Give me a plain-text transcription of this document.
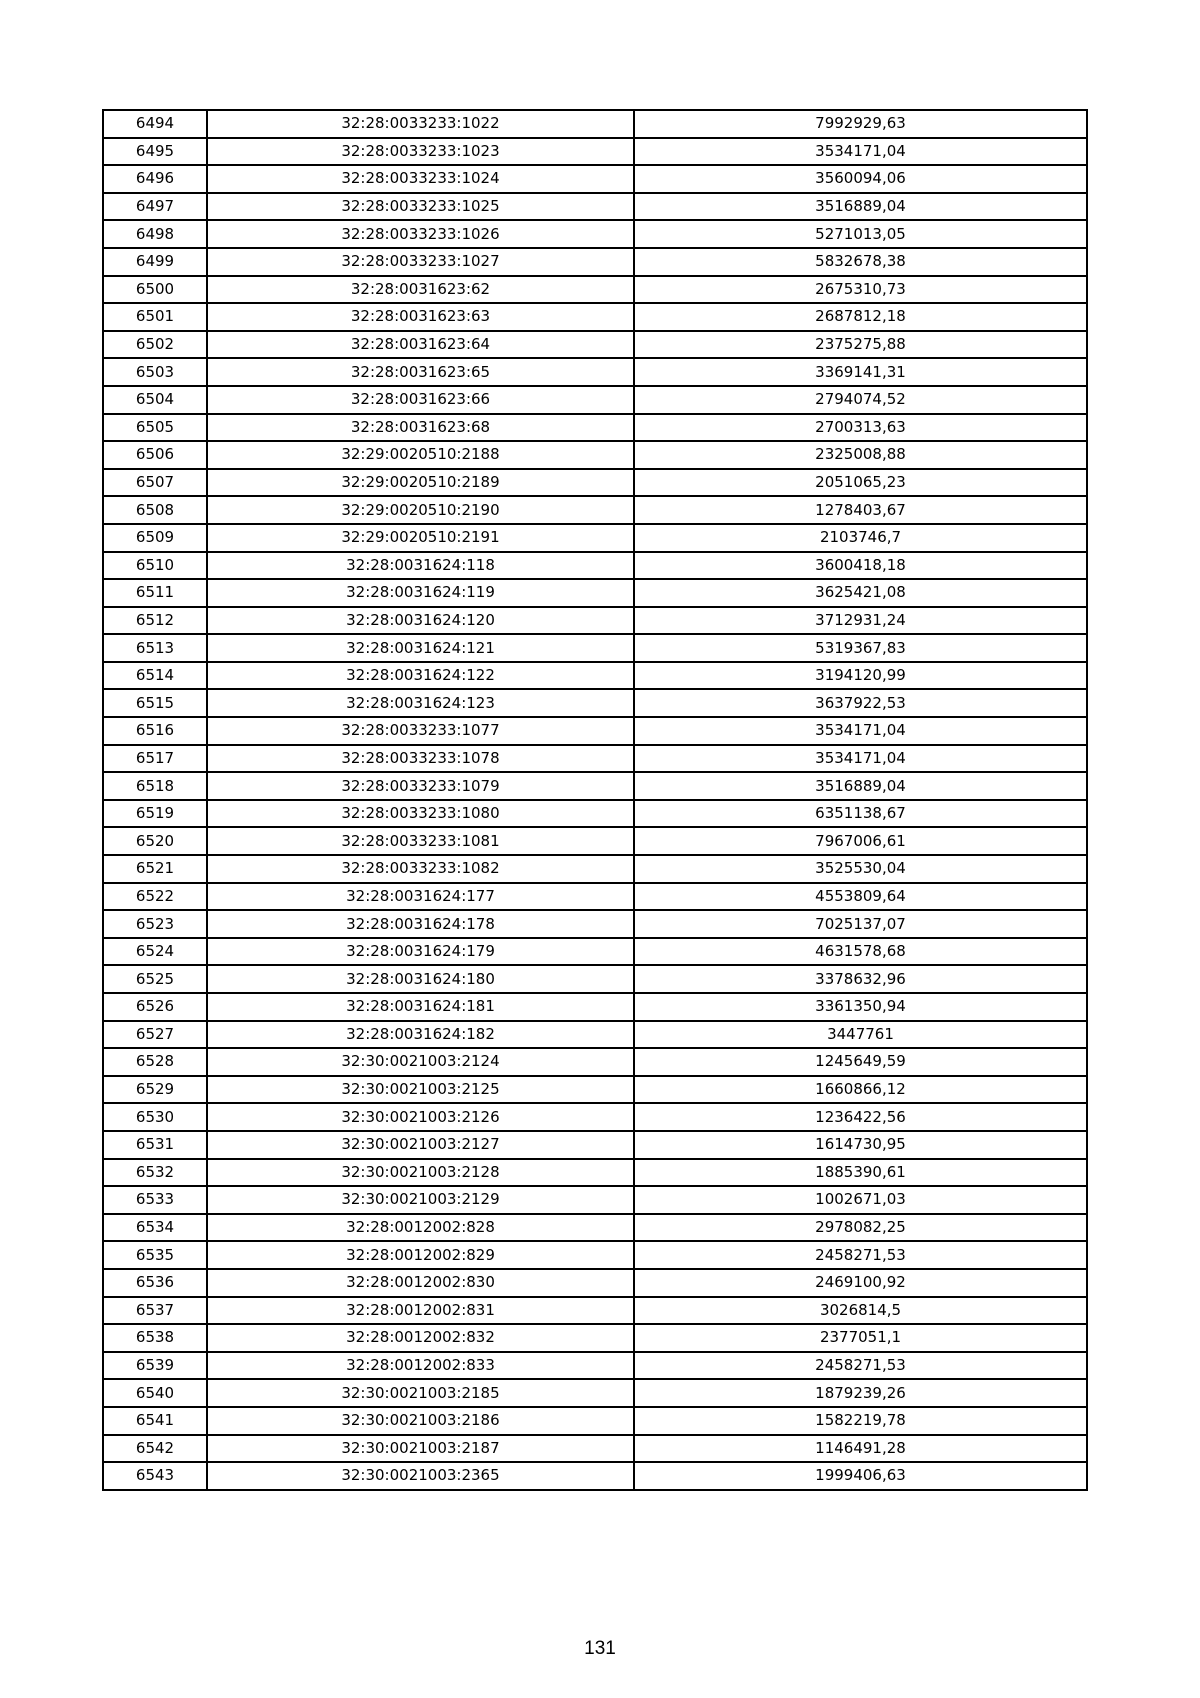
6494	32:28:0033233:1022	7992929,63
6495	32:28:0033233:1023	3534171,04
6496	32:28:0033233:1024	3560094,06
6497	32:28:0033233:1025	3516889,04
6498	32:28:0033233:1026	5271013,05
6499	32:28:0033233:1027	5832678,38
6500	32:28:0031623:62	2675310,73
6501	32:28:0031623:63	2687812,18
6502	32:28:0031623:64	2375275,88
6503	32:28:0031623:65	3369141,31
6504	32:28:0031623:66	2794074,52
6505	32:28:0031623:68	2700313,63
6506	32:29:0020510:2188	2325008,88
6507	32:29:0020510:2189	2051065,23
6508	32:29:0020510:2190	1278403,67
6509	32:29:0020510:2191	2103746,7
6510	32:28:0031624:118	3600418,18
6511	32:28:0031624:119	3625421,08
6512	32:28:0031624:120	3712931,24
6513	32:28:0031624:121	5319367,83
6514	32:28:0031624:122	3194120,99
6515	32:28:0031624:123	3637922,53
6516	32:28:0033233:1077	3534171,04
6517	32:28:0033233:1078	3534171,04
6518	32:28:0033233:1079	3516889,04
6519	32:28:0033233:1080	6351138,67
6520	32:28:0033233:1081	7967006,61
6521	32:28:0033233:1082	3525530,04
6522	32:28:0031624:177	4553809,64
6523	32:28:0031624:178	7025137,07
6524	32:28:0031624:179	4631578,68
6525	32:28:0031624:180	3378632,96
6526	32:28:0031624:181	3361350,94
6527	32:28:0031624:182	3447761
6528	32:30:0021003:2124	1245649,59
6529	32:30:0021003:2125	1660866,12
6530	32:30:0021003:2126	1236422,56
6531	32:30:0021003:2127	1614730,95
6532	32:30:0021003:2128	1885390,61
6533	32:30:0021003:2129	1002671,03
6534	32:28:0012002:828	2978082,25
6535	32:28:0012002:829	2458271,53
6536	32:28:0012002:830	2469100,92
6537	32:28:0012002:831	3026814,5
6538	32:28:0012002:832	2377051,1
6539	32:28:0012002:833	2458271,53
6540	32:30:0021003:2185	1879239,26
6541	32:30:0021003:2186	1582219,78
6542	32:30:0021003:2187	1146491,28
6543	32:30:0021003:2365	1999406,63
131
